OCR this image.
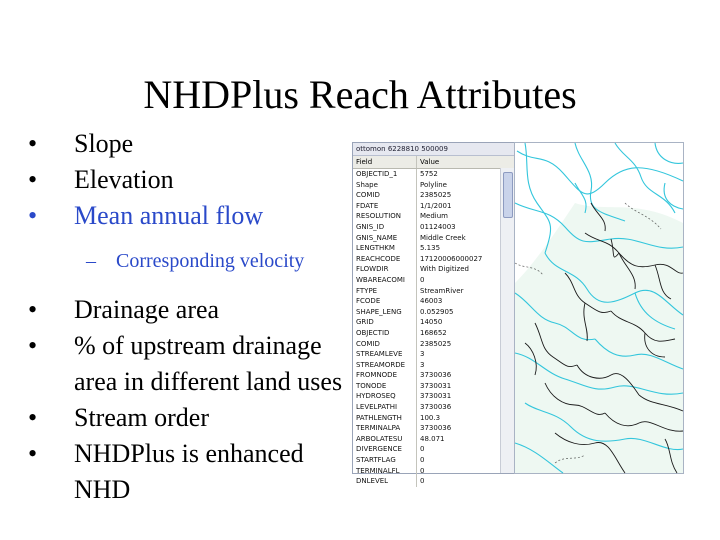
NHDPlus Reach Attributes
•	Slope
•	Elevation
•	Mean annual flow
–	Corresponding velocity
•	Drainage area
•	% of upstream drainage area in different land uses
•	Stream order
•	NHDPlus is enhanced NHD
ottomon 6228810 500009
Field	Value
OBJECTID_1	5752
Shape	Polyline
COMID	2385025
FDATE	1/1/2001
RESOLUTION	Medium
GNIS_ID	01124003
GNIS_NAME	Middle Creek
LENGTHKM	5.135
REACHCODE	17120006000027
FLOWDIR	With Digitized
WBAREACOMI	0
FTYPE	StreamRiver
FCODE	46003
SHAPE_LENG	0.052905
GRID	14050
OBJECTID	168652
COMID	2385025
STREAMLEVE	3
STREAMORDE	3
FROMNODE	3730036
TONODE	3730031
HYDROSEQ	3730031
LEVELPATHI	3730036
PATHLENGTH	100.3
TERMINALPA	3730036
ARBOLATESU	48.071
DIVERGENCE	0
STARTFLAG	0
TERMINALFL	0
DNLEVEL	0
